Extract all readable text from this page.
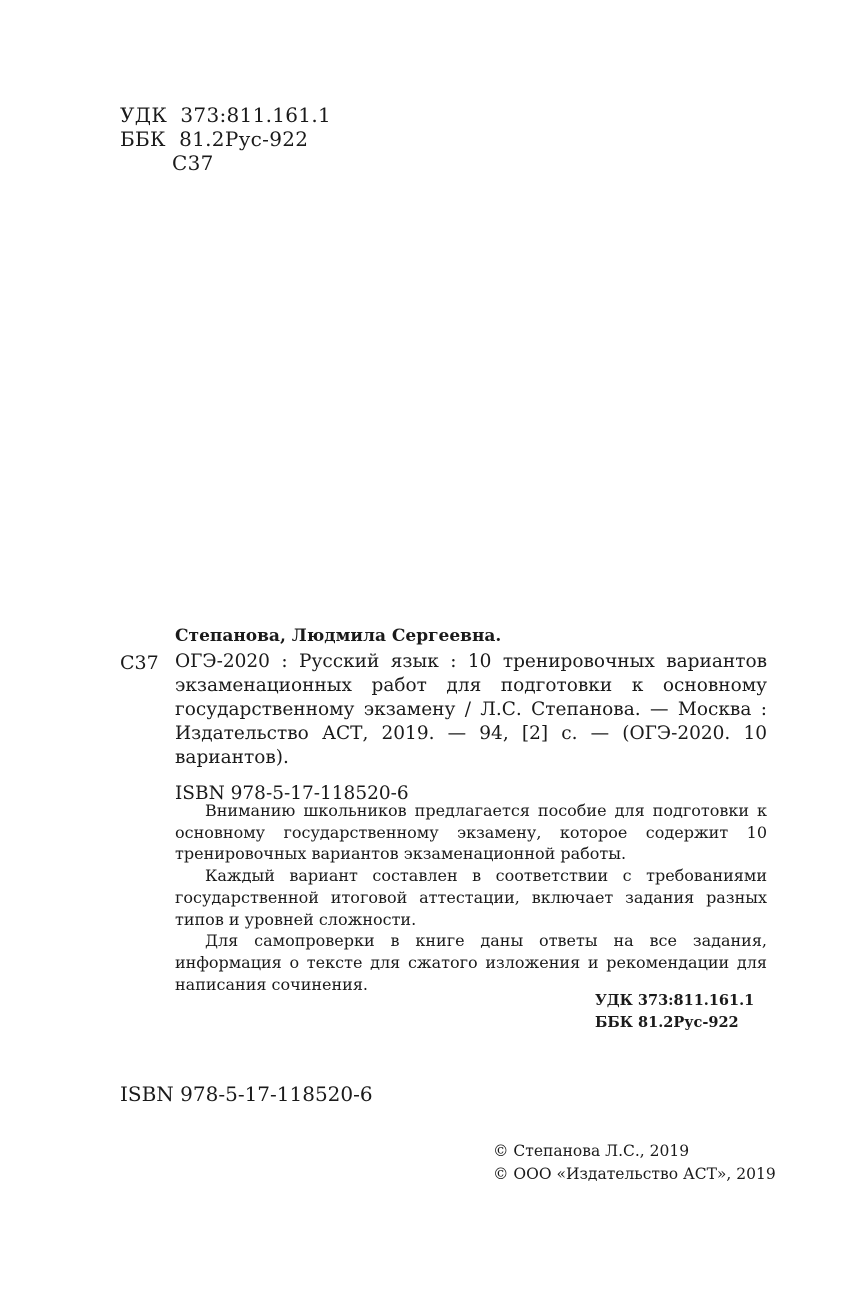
УДК  373:811.161.1
ББК  81.2Рус-922
С37
Степанова, Людмила Сергеевна.
С37 ОГЭ-2020 : Русский язык : 10 тренировочных вариантов экзаменационных работ для подготовки к основному государственному экзамену / Л.С. Степанова. — Москва : Издательство АСТ, 2019. — 94, [2] с. — (ОГЭ-2020. 10 вариантов).
ISBN 978-5-17-118520-6

Вниманию школьников предлагается пособие для подготовки к основному государственному экзамену, которое содержит 10 тренировочных вариантов экзаменационной работы.

Каждый вариант составлен в соответствии с требованиями государственной итоговой аттестации, включает задания разных типов и уровней сложности.

Для самопроверки в книге даны ответы на все задания, информация о тексте для сжатого изложения и рекомендации для написания сочинения.

УДК 373:811.161.1
ББК 81.2Рус-922
ISBN 978-5-17-118520-6
© Степанова Л.С., 2019
© ООО «Издательство АСТ», 2019
